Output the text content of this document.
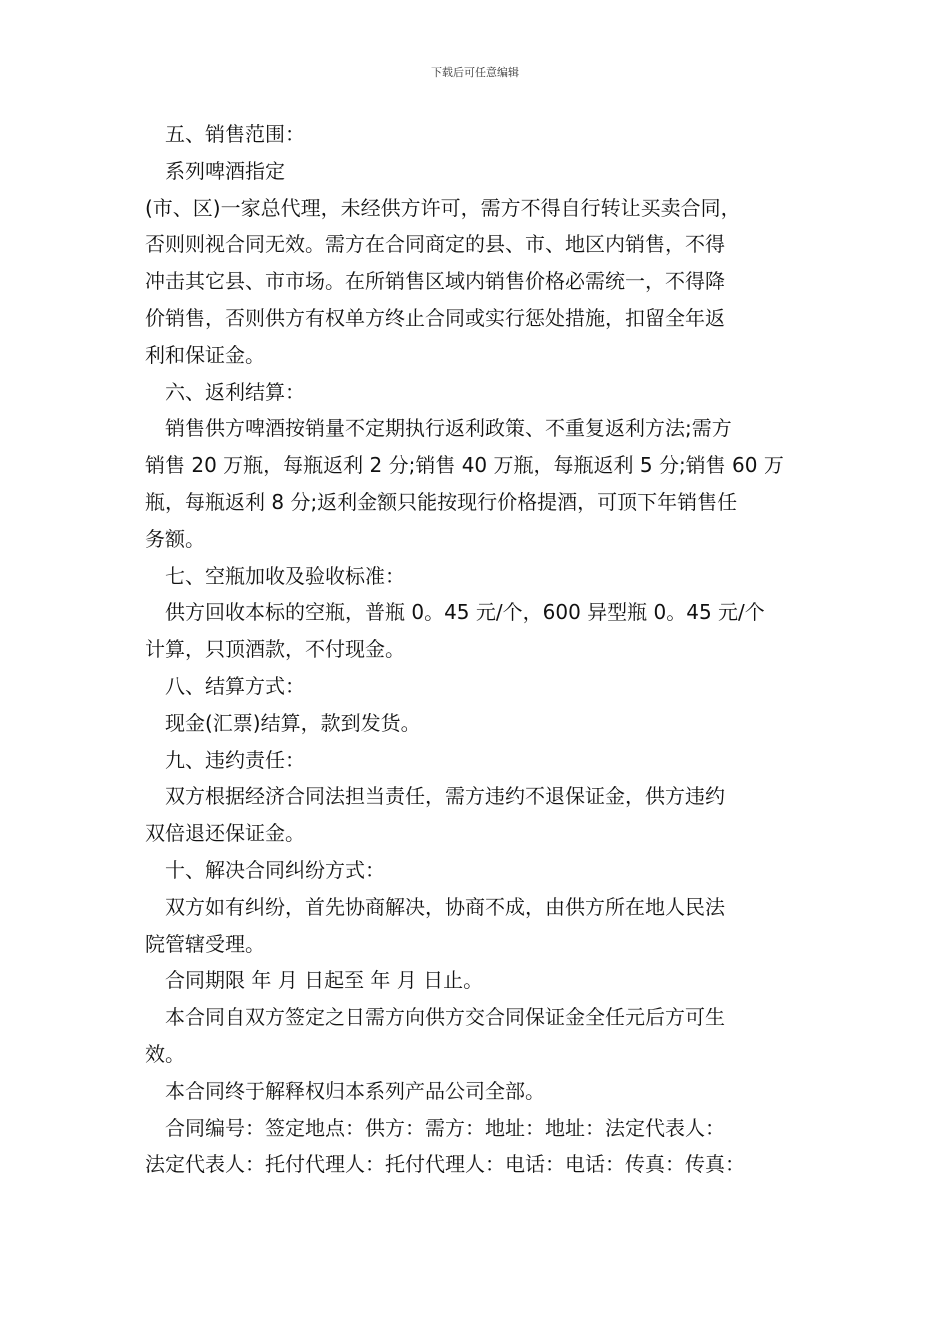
下载后可任意编辑

五、销售范围：

系列啤酒指定

(市、区)一家总代理，未经供方许可，需方不得自行转让买卖合同，

否则则视合同无效。需方在合同商定的县、市、地区内销售，不得

冲击其它县、市市场。在所销售区域内销售价格必需统一，不得降

价销售，否则供方有权单方终止合同或实行惩处措施，扣留全年返

利和保证金。

六、返利结算：

销售供方啤酒按销量不定期执行返利政策、不重复返利方法;需方

销售 20 万瓶，每瓶返利 2 分;销售 40 万瓶，每瓶返利 5 分;销售 60 万

瓶，每瓶返利 8 分;返利金额只能按现行价格提酒，可顶下年销售任

务额。

七、空瓶加收及验收标准：

供方回收本标的空瓶，普瓶 0。45 元/个，600 异型瓶 0。45 元/个

计算，只顶酒款，不付现金。

八、结算方式：

现金(汇票)结算，款到发货。

九、违约责任：

双方根据经济合同法担当责任，需方违约不退保证金，供方违约

双倍退还保证金。

十、解决合同纠纷方式：

双方如有纠纷，首先协商解决，协商不成，由供方所在地人民法

院管辖受理。

合同期限 年 月 日起至 年 月 日止。

本合同自双方签定之日需方向供方交合同保证金全任元后方可生

效。

本合同终于解释权归本系列产品公司全部。

合同编号：签定地点：供方：需方：地址：地址：法定代表人：

法定代表人：托付代理人：托付代理人：电话：电话：传真：传真：
